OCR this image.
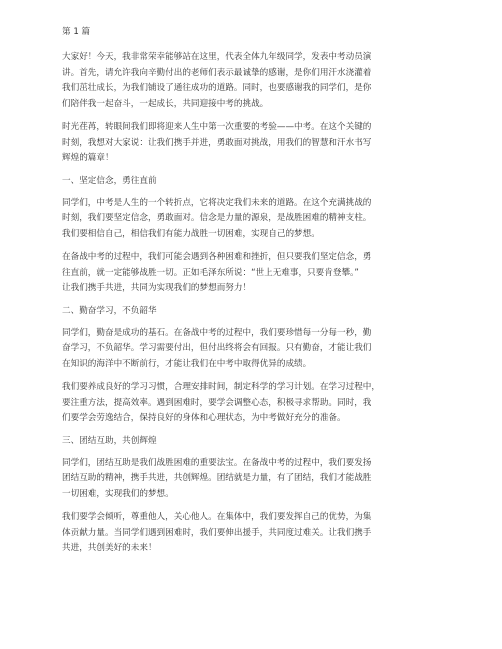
第 1 篇

大家好！今天，我非常荣幸能够站在这里，代表全体九年级同学，发表中考动员演
讲。首先，请允许我向辛勤付出的老师们表示最诚挚的感谢，是你们用汗水浇灌着
我们茁壮成长，为我们铺设了通往成功的道路。同时，也要感谢我的同学们，是你
们陪伴我一起奋斗，一起成长，共同迎接中考的挑战。

时光荏苒，转眼间我们即将迎来人生中第一次重要的考验——中考。在这个关键的
时刻，我想对大家说：让我们携手并进，勇敢面对挑战，用我们的智慧和汗水书写
辉煌的篇章！

一、坚定信念，勇往直前

同学们，中考是人生的一个转折点，它将决定我们未来的道路。在这个充满挑战的
时刻，我们要坚定信念，勇敢面对。信念是力量的源泉，是战胜困难的精神支柱。
我们要相信自己，相信我们有能力战胜一切困难，实现自己的梦想。

在备战中考的过程中，我们可能会遇到各种困难和挫折，但只要我们坚定信念，勇
往直前，就一定能够战胜一切。正如毛泽东所说：“世上无难事，只要肯登攀。”
让我们携手共进，共同为实现我们的梦想而努力！

二、勤奋学习，不负韶华

同学们，勤奋是成功的基石。在备战中考的过程中，我们要珍惜每一分每一秒，勤
奋学习，不负韶华。学习需要付出，但付出终将会有回报。只有勤奋，才能让我们
在知识的海洋中不断前行，才能让我们在中考中取得优异的成绩。

我们要养成良好的学习习惯，合理安排时间，制定科学的学习计划。在学习过程中，
要注重方法，提高效率。遇到困难时，要学会调整心态，积极寻求帮助。同时，我
们要学会劳逸结合，保持良好的身体和心理状态，为中考做好充分的准备。

三、团结互助，共创辉煌

同学们，团结互助是我们战胜困难的重要法宝。在备战中考的过程中，我们要发扬
团结互助的精神，携手共进，共创辉煌。团结就是力量，有了团结，我们才能战胜
一切困难，实现我们的梦想。

我们要学会倾听，尊重他人，关心他人。在集体中，我们要发挥自己的优势，为集
体贡献力量。当同学们遇到困难时，我们要伸出援手，共同度过难关。让我们携手
共进，共创美好的未来！
